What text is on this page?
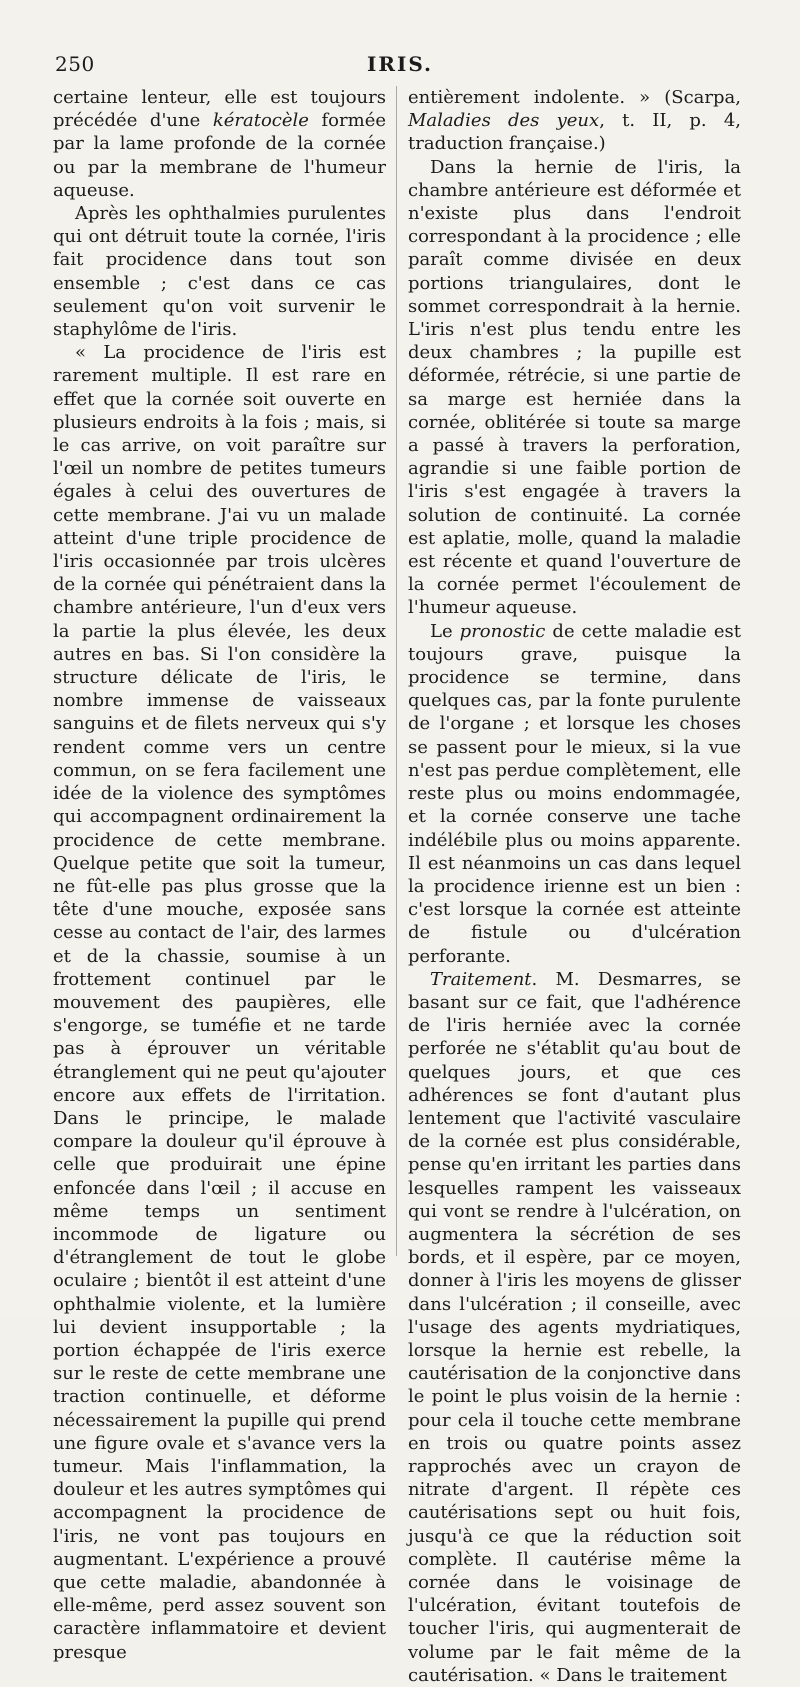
250	IRIS.

certaine lenteur, elle est toujours précédée d'une kératocèle formée par la lame profonde de la cornée ou par la membrane de l'humeur aqueuse.

Après les ophthalmies purulentes qui ont détruit toute la cornée, l'iris fait procidence dans tout son ensemble ; c'est dans ce cas seulement qu'on voit survenir le staphylôme de l'iris.

« La procidence de l'iris est rarement multiple. Il est rare en effet que la cornée soit ouverte en plusieurs endroits à la fois ; mais, si le cas arrive, on voit paraître sur l'œil un nombre de petites tumeurs égales à celui des ouvertures de cette membrane. J'ai vu un malade atteint d'une triple procidence de l'iris occasionnée par trois ulcères de la cornée qui pénétraient dans la chambre antérieure, l'un d'eux vers la partie la plus élevée, les deux autres en bas. Si l'on considère la structure délicate de l'iris, le nombre immense de vaisseaux sanguins et de filets nerveux qui s'y rendent comme vers un centre commun, on se fera facilement une idée de la violence des symptômes qui accompagnent ordinairement la procidence de cette membrane. Quelque petite que soit la tumeur, ne fût-elle pas plus grosse que la tête d'une mouche, exposée sans cesse au contact de l'air, des larmes et de la chassie, soumise à un frottement continuel par le mouvement des paupières, elle s'engorge, se tuméfie et ne tarde pas à éprouver un véritable étranglement qui ne peut qu'ajouter encore aux effets de l'irritation. Dans le principe, le malade compare la douleur qu'il éprouve à celle que produirait une épine enfoncée dans l'œil ; il accuse en même temps un sentiment incommode de ligature ou d'étranglement de tout le globe oculaire ; bientôt il est atteint d'une ophthalmie violente, et la lumière lui devient insupportable ; la portion échappée de l'iris exerce sur le reste de cette membrane une traction continuelle, et déforme nécessairement la pupille qui prend une figure ovale et s'avance vers la tumeur. Mais l'inflammation, la douleur et les autres symptômes qui accompagnent la procidence de l'iris, ne vont pas toujours en augmentant. L'expérience a prouvé que cette maladie, abandonnée à elle-même, perd assez souvent son caractère inflammatoire et devient presque

entièrement indolente. » (Scarpa, Maladies des yeux, t. II, p. 4, traduction française.)

Dans la hernie de l'iris, la chambre antérieure est déformée et n'existe plus dans l'endroit correspondant à la procidence ; elle paraît comme divisée en deux portions triangulaires, dont le sommet correspondrait à la hernie. L'iris n'est plus tendu entre les deux chambres ; la pupille est déformée, rétrécie, si une partie de sa marge est herniée dans la cornée, oblitérée si toute sa marge a passé à travers la perforation, agrandie si une faible portion de l'iris s'est engagée à travers la solution de continuité. La cornée est aplatie, molle, quand la maladie est récente et quand l'ouverture de la cornée permet l'écoulement de l'humeur aqueuse.

Le pronostic de cette maladie est toujours grave, puisque la procidence se termine, dans quelques cas, par la fonte purulente de l'organe ; et lorsque les choses se passent pour le mieux, si la vue n'est pas perdue complètement, elle reste plus ou moins endommagée, et la cornée conserve une tache indélébile plus ou moins apparente. Il est néanmoins un cas dans lequel la procidence irienne est un bien : c'est lorsque la cornée est atteinte de fistule ou d'ulcération perforante.

Traitement. M. Desmarres, se basant sur ce fait, que l'adhérence de l'iris herniée avec la cornée perforée ne s'établit qu'au bout de quelques jours, et que ces adhérences se font d'autant plus lentement que l'activité vasculaire de la cornée est plus considérable, pense qu'en irritant les parties dans lesquelles rampent les vaisseaux qui vont se rendre à l'ulcération, on augmentera la sécrétion de ses bords, et il espère, par ce moyen, donner à l'iris les moyens de glisser dans l'ulcération ; il conseille, avec l'usage des agents mydriatiques, lorsque la hernie est rebelle, la cautérisation de la conjonctive dans le point le plus voisin de la hernie : pour cela il touche cette membrane en trois ou quatre points assez rapprochés avec un crayon de nitrate d'argent. Il répète ces cautérisations sept ou huit fois, jusqu'à ce que la réduction soit complète. Il cautérise même la cornée dans le voisinage de l'ulcération, évitant toutefois de toucher l'iris, qui augmenterait de volume par le fait même de la cautérisation. « Dans le traitement
